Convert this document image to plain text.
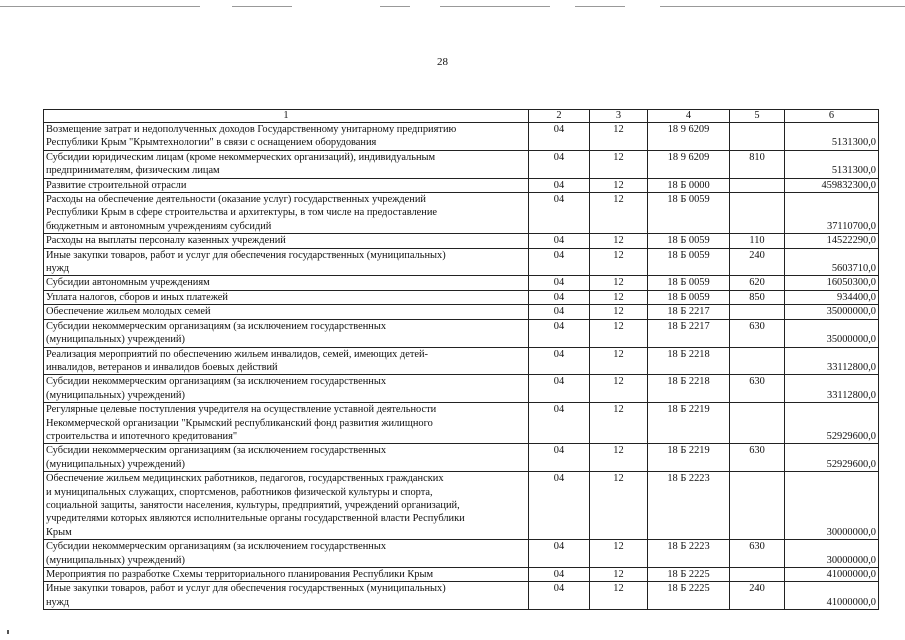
28
1	2	3	4	5	6

Возмещение затрат и недополученных доходов Государственному унитарному предприятию
Республики Крым "Крымтехнологии" в связи с оснащением оборудования	04	12	18 9 6209		5131300,0

Субсидии юридическим лицам (кроме некоммерческих организаций), индивидуальным
предпринимателям, физическим лицам	04	12	18 9 6209	810	5131300,0

Развитие строительной отрасли	04	12	18 Б 0000		459832300,0

Расходы на обеспечение деятельности (оказание услуг) государственных учреждений
Республики Крым в сфере строительства и архитектуры, в том числе на предоставление
бюджетным и автономным учреждениям субсидий	04	12	18 Б 0059		37110700,0

Расходы на выплаты персоналу казенных учреждений	04	12	18 Б 0059	110	14522290,0

Иные закупки товаров, работ и услуг для обеспечения государственных (муниципальных)
нужд	04	12	18 Б 0059	240	5603710,0

Субсидии автономным учреждениям	04	12	18 Б 0059	620	16050300,0

Уплата налогов, сборов и иных платежей	04	12	18 Б 0059	850	934400,0

Обеспечение жильем молодых семей	04	12	18 Б 2217		35000000,0

Субсидии некоммерческим организациям (за исключением государственных
(муниципальных) учреждений)	04	12	18 Б 2217	630	35000000,0

Реализация мероприятий по обеспечению жильем инвалидов, семей, имеющих детей-
инвалидов, ветеранов и инвалидов боевых действий	04	12	18 Б 2218		33112800,0

Субсидии некоммерческим организациям (за исключением государственных
(муниципальных) учреждений)	04	12	18 Б 2218	630	33112800,0

Регулярные целевые поступления учредителя на осуществление уставной деятельности
Некоммерческой организации "Крымский республиканский фонд развития жилищного
строительства и ипотечного кредитования"	04	12	18 Б 2219		52929600,0

Субсидии некоммерческим организациям (за исключением государственных
(муниципальных) учреждений)	04	12	18 Б 2219	630	52929600,0

Обеспечение жильем медицинских работников, педагогов, государственных гражданских
и муниципальных служащих, спортсменов, работников физической культуры и спорта,
социальной защиты, занятости населения, культуры, предприятий, учреждений организаций,
учредителями которых являются исполнительные органы государственной власти Республики
Крым	04	12	18 Б 2223		30000000,0

Субсидии некоммерческим организациям (за исключением государственных
(муниципальных) учреждений)	04	12	18 Б 2223	630	30000000,0

Мероприятия по разработке Схемы территориального планирования Республики Крым	04	12	18 Б 2225		41000000,0

Иные закупки товаров, работ и услуг для обеспечения государственных (муниципальных)
нужд	04	12	18 Б 2225	240	41000000,0
